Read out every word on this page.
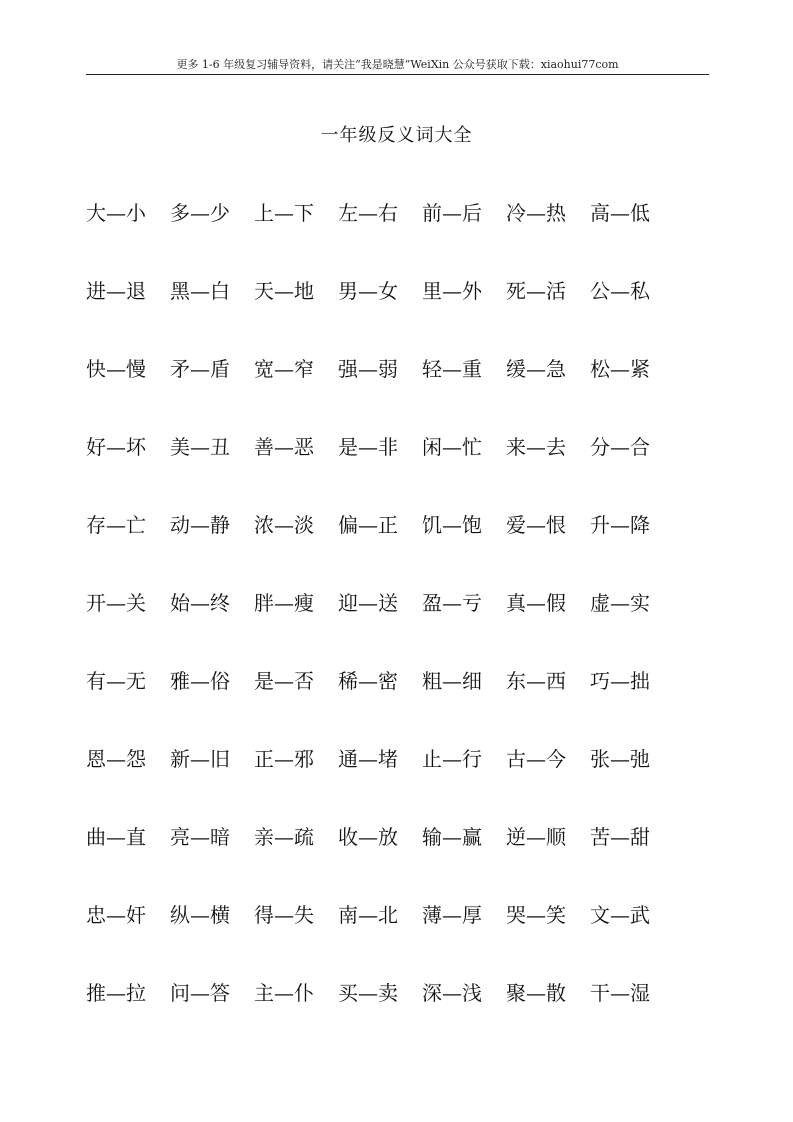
更多 1-6 年级复习辅导资料，请关注“我是晓慧”WeiXin 公众号获取下载：xiaohui77com
一年级反义词大全
大—小	多—少	上—下	左—右	前—后	冷—热	高—低
进—退	黑—白	天—地	男—女	里—外	死—活	公—私
快—慢	矛—盾	宽—窄	强—弱	轻—重	缓—急	松—紧
好—坏	美—丑	善—恶	是—非	闲—忙	来—去	分—合
存—亡	动—静	浓—淡	偏—正	饥—饱	爱—恨	升—降
开—关	始—终	胖—瘦	迎—送	盈—亏	真—假	虚—实
有—无	雅—俗	是—否	稀—密	粗—细	东—西	巧—拙
恩—怨	新—旧	正—邪	通—堵	止—行	古—今	张—弛
曲—直	亮—暗	亲—疏	收—放	输—赢	逆—顺	苦—甜
忠—奸	纵—横	得—失	南—北	薄—厚	哭—笑	文—武
推—拉	问—答	主—仆	买—卖	深—浅	聚—散	干—湿
